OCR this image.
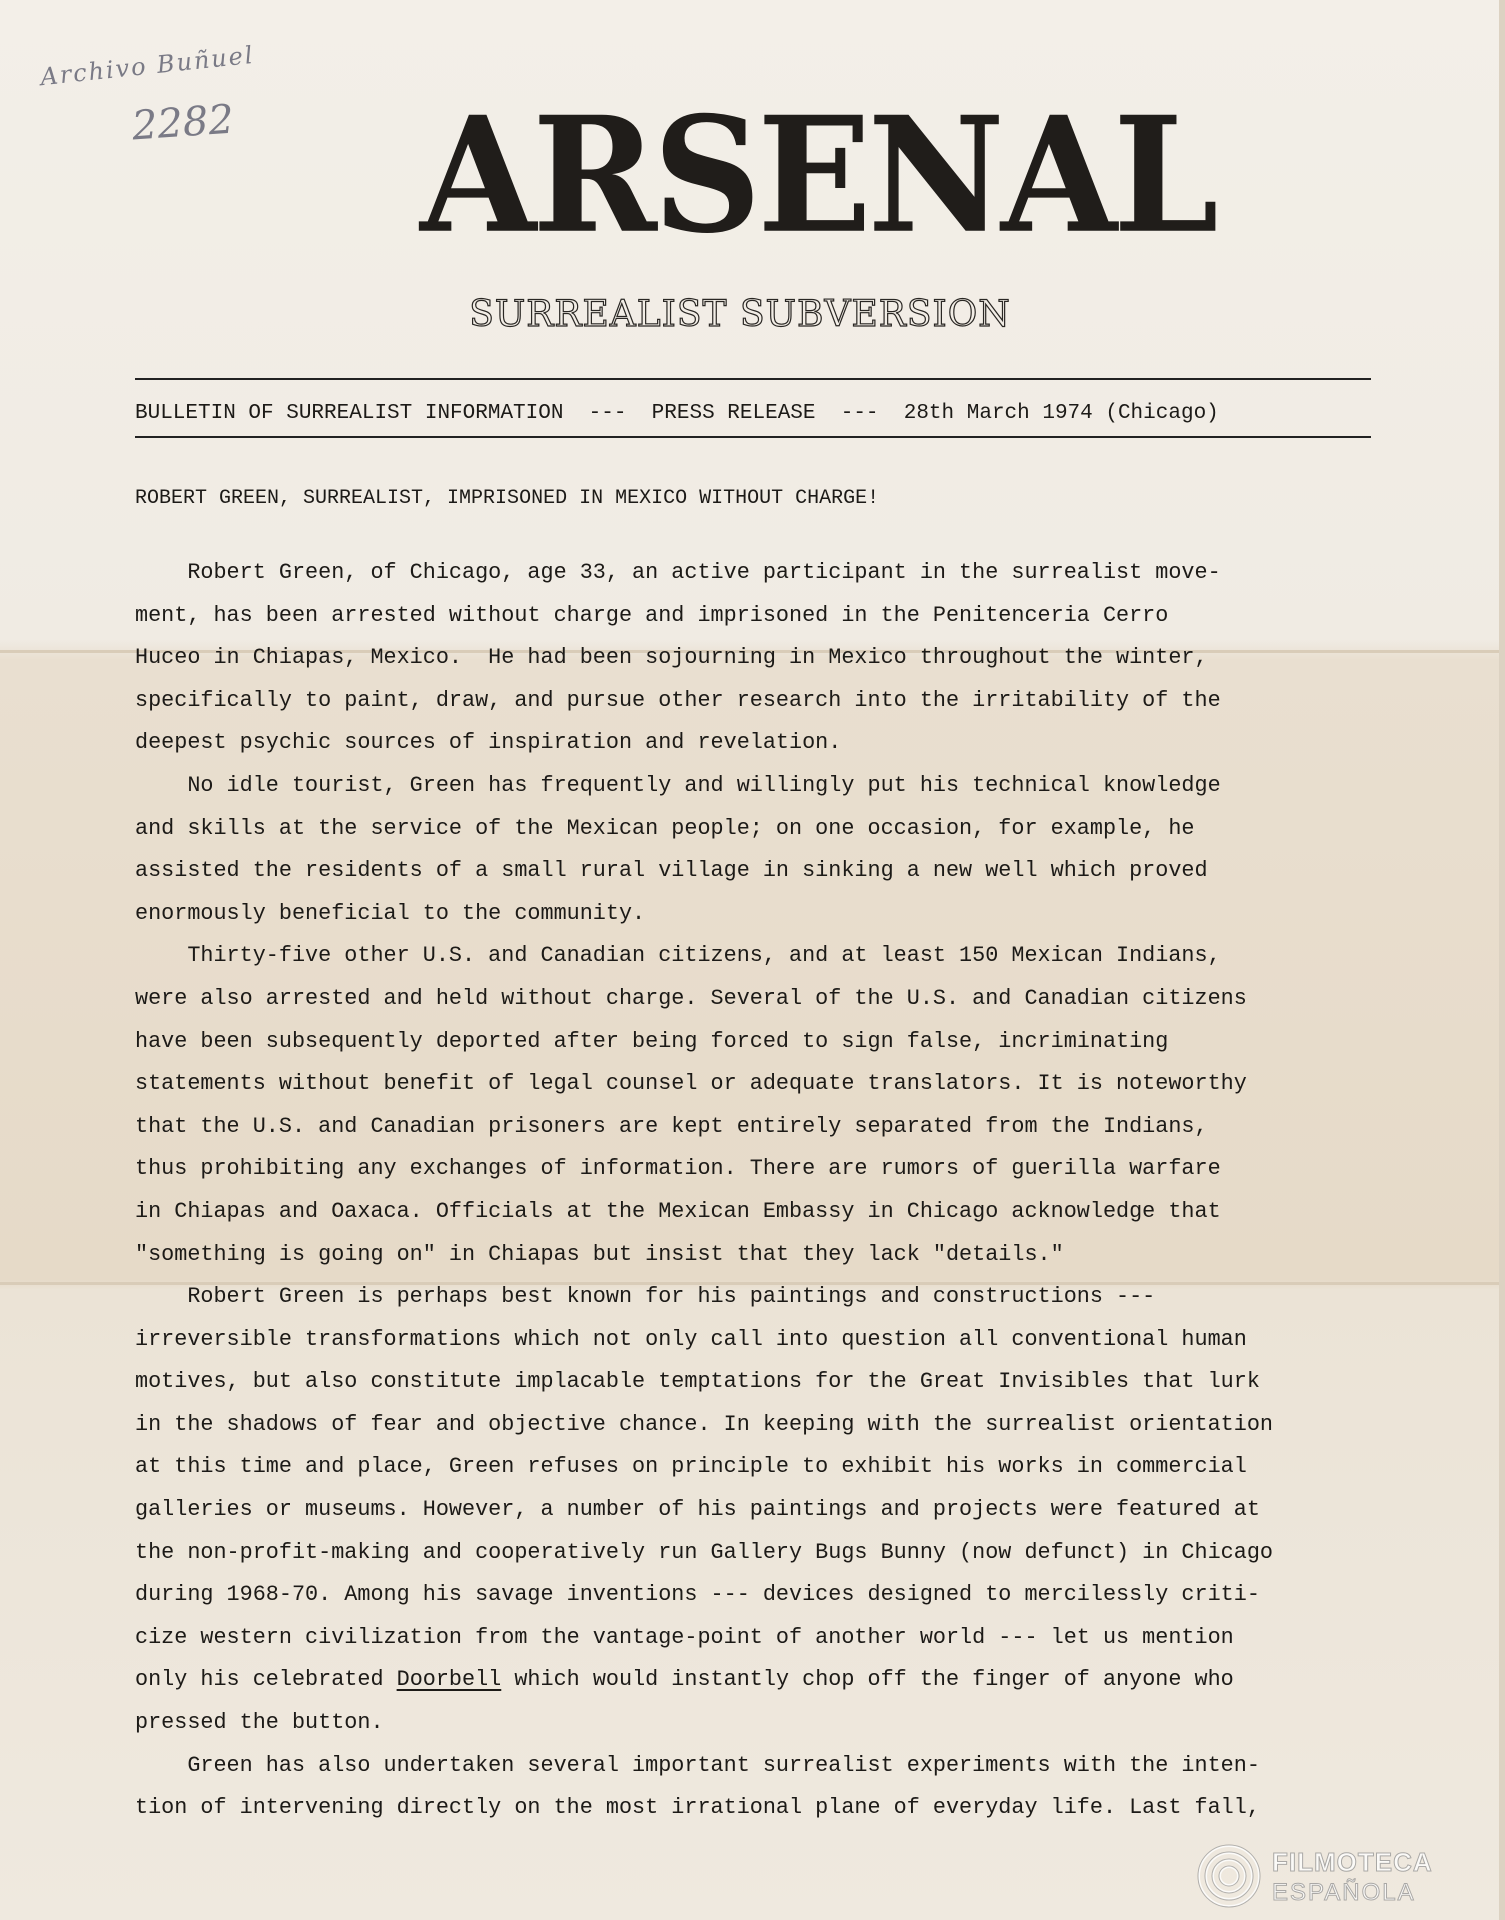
Archivo Buñuel
2282 ARSENAL
SURREALIST SUBVERSION
BULLETIN OF SURREALIST INFORMATION  ---  PRESS RELEASE  ---  28th March 1974 (Chicago)
ROBERT GREEN, SURREALIST, IMPRISONED IN MEXICO WITHOUT CHARGE!
Robert Green, of Chicago, age 33, an active participant in the surrealist move-
ment, has been arrested without charge and imprisoned in the Penitenceria Cerro
Huceo in Chiapas, Mexico.  He had been sojourning in Mexico throughout the winter,
specifically to paint, draw, and pursue other research into the irritability of the
deepest psychic sources of inspiration and revelation.
No idle tourist, Green has frequently and willingly put his technical knowledge
and skills at the service of the Mexican people; on one occasion, for example, he
assisted the residents of a small rural village in sinking a new well which proved
enormously beneficial to the community.
Thirty-five other U.S. and Canadian citizens, and at least 150 Mexican Indians,
were also arrested and held without charge. Several of the U.S. and Canadian citizens
have been subsequently deported after being forced to sign false, incriminating
statements without benefit of legal counsel or adequate translators. It is noteworthy
that the U.S. and Canadian prisoners are kept entirely separated from the Indians,
thus prohibiting any exchanges of information. There are rumors of guerilla warfare
in Chiapas and Oaxaca. Officials at the Mexican Embassy in Chicago acknowledge that
"something is going on" in Chiapas but insist that they lack "details."
Robert Green is perhaps best known for his paintings and constructions ---
irreversible transformations which not only call into question all conventional human
motives, but also constitute implacable temptations for the Great Invisibles that lurk
in the shadows of fear and objective chance. In keeping with the surrealist orientation
at this time and place, Green refuses on principle to exhibit his works in commercial
galleries or museums. However, a number of his paintings and projects were featured at
the non-profit-making and cooperatively run Gallery Bugs Bunny (now defunct) in Chicago
during 1968-70. Among his savage inventions --- devices designed to mercilessly criti-
cize western civilization from the vantage-point of another world --- let us mention
only his celebrated Doorbell which would instantly chop off the finger of anyone who
pressed the button.
Green has also undertaken several important surrealist experiments with the inten-
tion of intervening directly on the most irrational plane of everyday life. Last fall,
FILMOTECA
ESPAÑOLA
